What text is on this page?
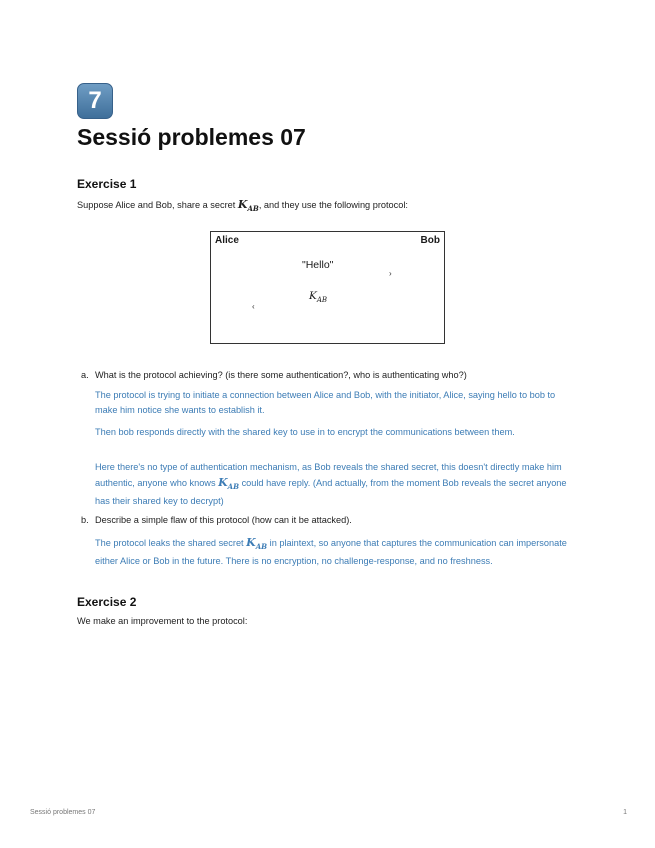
7
Sessió problemes 07
Exercise 1

Suppose Alice and Bob, share a secret $K_{AB}$, and they use the following protocol:

Alice	Bob
"Hello"
›
$K_{AB}$
‹

a. What is the protocol achieving? (is there some authentication?, who is authenticating who?)

The protocol is trying to initiate a connection between Alice and Bob, with the initiator, Alice, saying hello to bob to make him notice she wants to establish it.

Then bob responds directly with the shared key to use in to encrypt the communications between them.

Here there's no type of authentication mechanism, as Bob reveals the shared secret, this doesn't directly make him authentic, anyone who knows $K_{AB}$ could have reply. (And actually, from the moment Bob reveals the secret anyone has their shared key to decrypt)

b. Describe a simple flaw of this protocol (how can it be attacked).

The protocol leaks the shared secret $K_{AB}$ in plaintext, so anyone that captures the communication can impersonate either Alice or Bob in the future. There is no encryption, no challenge-response, and no freshness.

Exercise 2

We make an improvement to the protocol:

Sessió problemes 07	1
